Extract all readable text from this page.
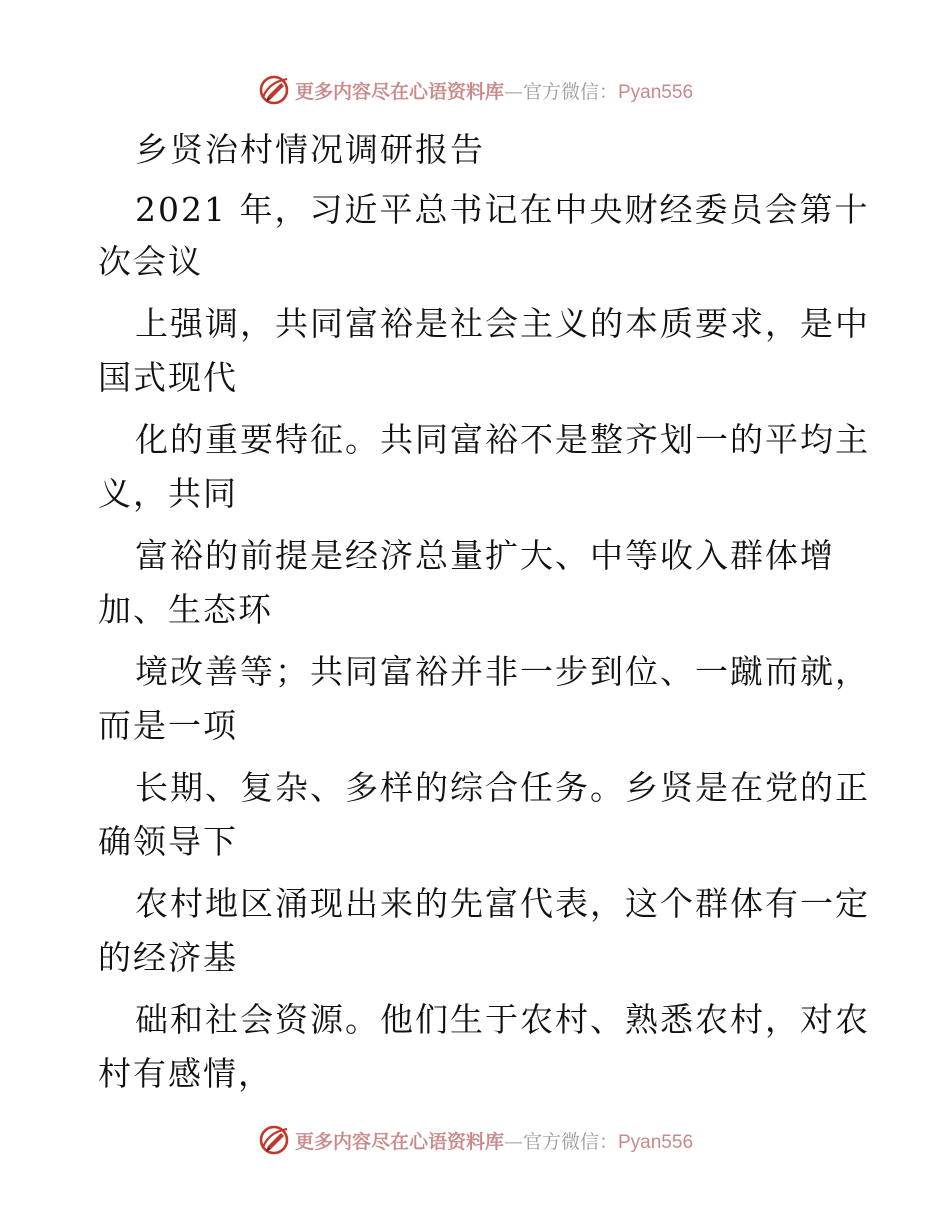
更多内容尽在心语资料库—官方微信：Pyan556
乡贤治村情况调研报告
2021 年，习近平总书记在中央财经委员会第十
次会议
上强调，共同富裕是社会主义的本质要求，是中
国式现代
化的重要特征。共同富裕不是整齐划一的平均主
义，共同
富裕的前提是经济总量扩大、中等收入群体增
加、生态环
境改善等；共同富裕并非一步到位、一蹴而就，
而是一项
长期、复杂、多样的综合任务。乡贤是在党的正
确领导下
农村地区涌现出来的先富代表，这个群体有一定
的经济基
础和社会资源。他们生于农村、熟悉农村，对农
村有感情，
更多内容尽在心语资料库—官方微信：Pyan556
